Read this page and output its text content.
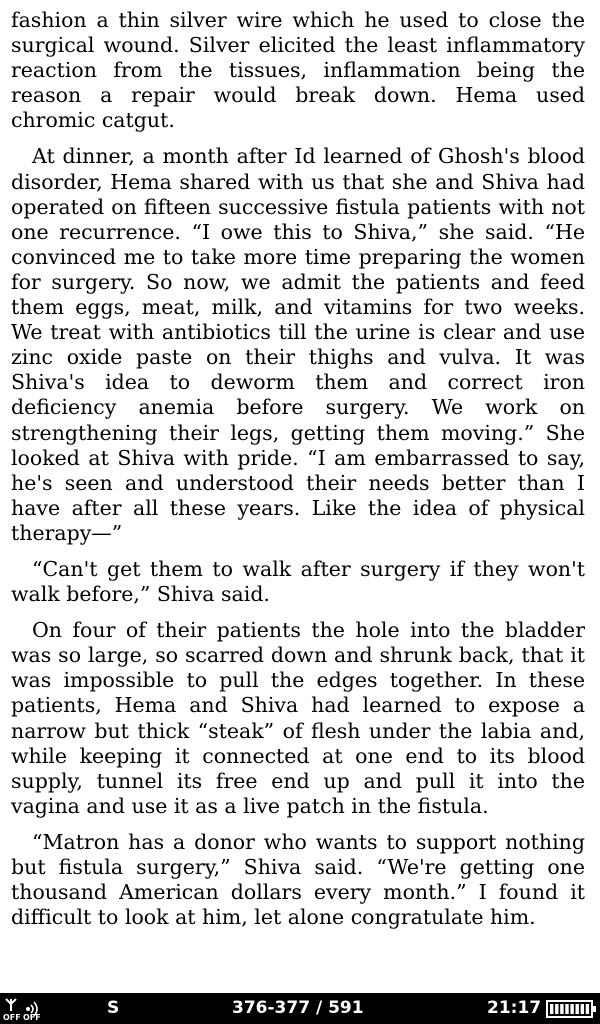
fashion a thin silver wire which he used to close the surgical wound. Silver elicited the least inflammatory reaction from the tissues, inflammation being the reason a repair would break down. Hema used chromic catgut.

At dinner, a month after Id learned of Ghosh's blood disorder, Hema shared with us that she and Shiva had operated on fifteen successive fistula patients with not one recurrence. “I owe this to Shiva,” she said. “He convinced me to take more time preparing the women for surgery. So now, we admit the patients and feed them eggs, meat, milk, and vitamins for two weeks. We treat with antibiotics till the urine is clear and use zinc oxide paste on their thighs and vulva. It was Shiva's idea to deworm them and correct iron deficiency anemia before surgery. We work on strengthening their legs, getting them moving.” She looked at Shiva with pride. “I am embarrassed to say, he's seen and understood their needs better than I have after all these years. Like the idea of physical therapy—”

“Can't get them to walk after surgery if they won't walk before,” Shiva said.

On four of their patients the hole into the bladder was so large, so scarred down and shrunk back, that it was impossible to pull the edges together. In these patients, Hema and Shiva had learned to expose a narrow but thick “steak” of flesh under the labia and, while keeping it connected at one end to its blood supply, tunnel its free end up and pull it into the vagina and use it as a live patch in the fistula.

“Matron has a donor who wants to support nothing but fistula surgery,” Shiva said. “We're getting one thousand American dollars every month.” I found it difficult to look at him, let alone congratulate him.

OFF OFF	S	376-377 / 591	21:17
